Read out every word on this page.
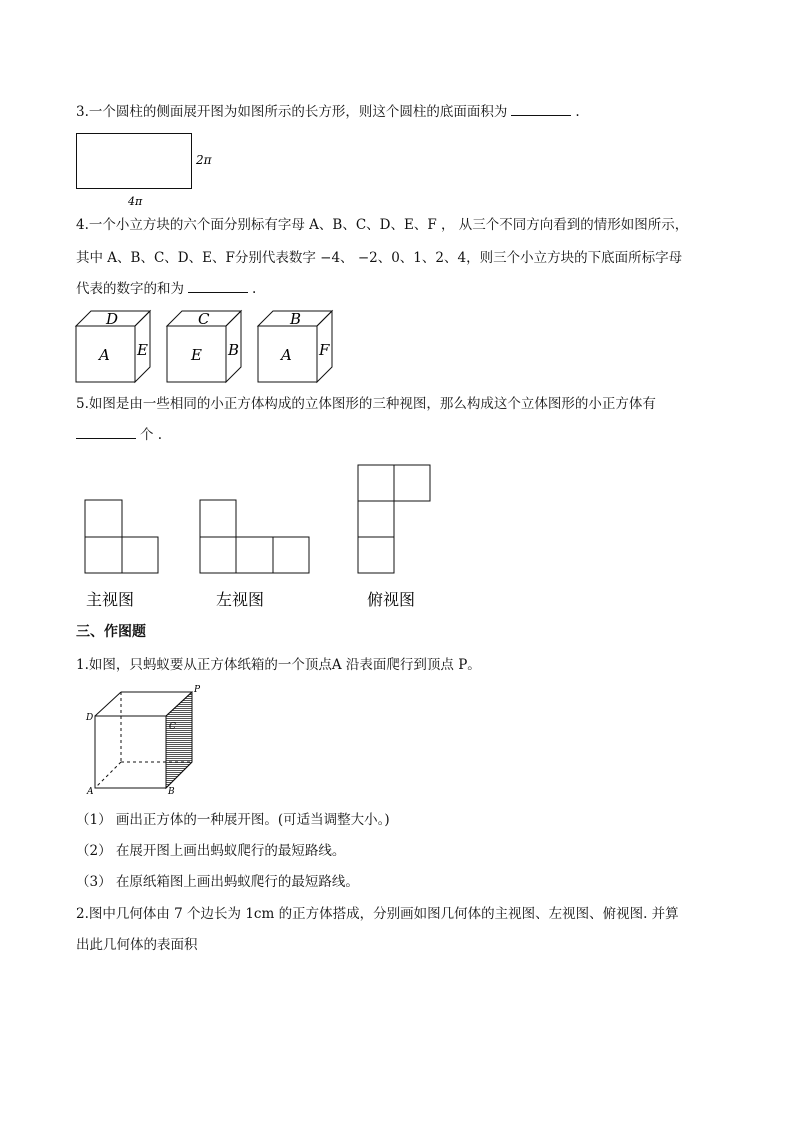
3.一个圆柱的侧面展开图为如图所示的长方形，则这个圆柱的底面面积为	.
2π
4π
4.一个小立方块的六个面分别标有字母 A、B、C、D、E、F ， 从三个不同方向看到的情形如图所示，
其中 A、B、C、D、E、F分别代表数字 −4、 −2、0、1、2、4，则三个小立方块的下底面所标字母
代表的数字的和为	.
D
A E
C
E B
B
A F
5.如图是由一些相同的小正方体构成的立体图形的三种视图，那么构成这个立体图形的小正方体有
个 .
主视图	左视图	俯视图
三、作图题
1.如图，只蚂蚁要从正方体纸箱的一个顶点A 沿表面爬行到顶点 P。
P
D
C
A	B
（1） 画出正方体的一种展开图。(可适当调整大小。)
（2） 在展开图上画出蚂蚁爬行的最短路线。
（3） 在原纸箱图上画出蚂蚁爬行的最短路线。
2.图中几何体由 7 个边长为 1cm 的正方体搭成，分别画如图几何体的主视图、左视图、俯视图. 并算
出此几何体的表面积
